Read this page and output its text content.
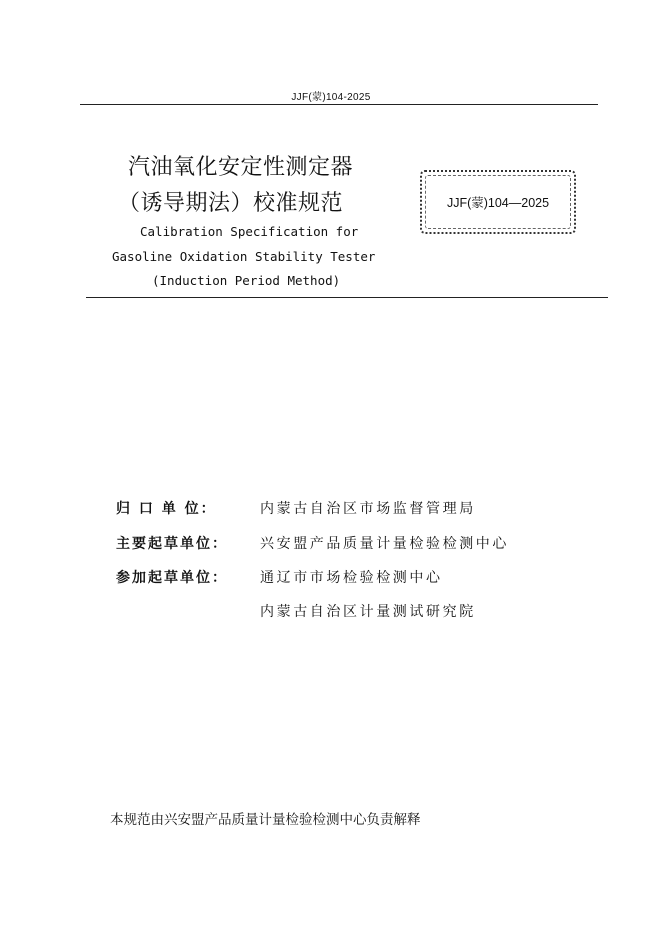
JJF(蒙)104-2025
汽油氧化安定性测定器
（诱导期法）校准规范	JJF(蒙)104—2025
Calibration Specification for
Gasoline Oxidation Stability Tester
(Induction Period Method)
归 口 单 位：	内蒙古自治区市场监督管理局
主要起草单位： 兴安盟产品质量计量检验检测中心
参加起草单位： 通辽市市场检验检测中心
内蒙古自治区计量测试研究院
本规范由兴安盟产品质量计量检验检测中心负责解释
